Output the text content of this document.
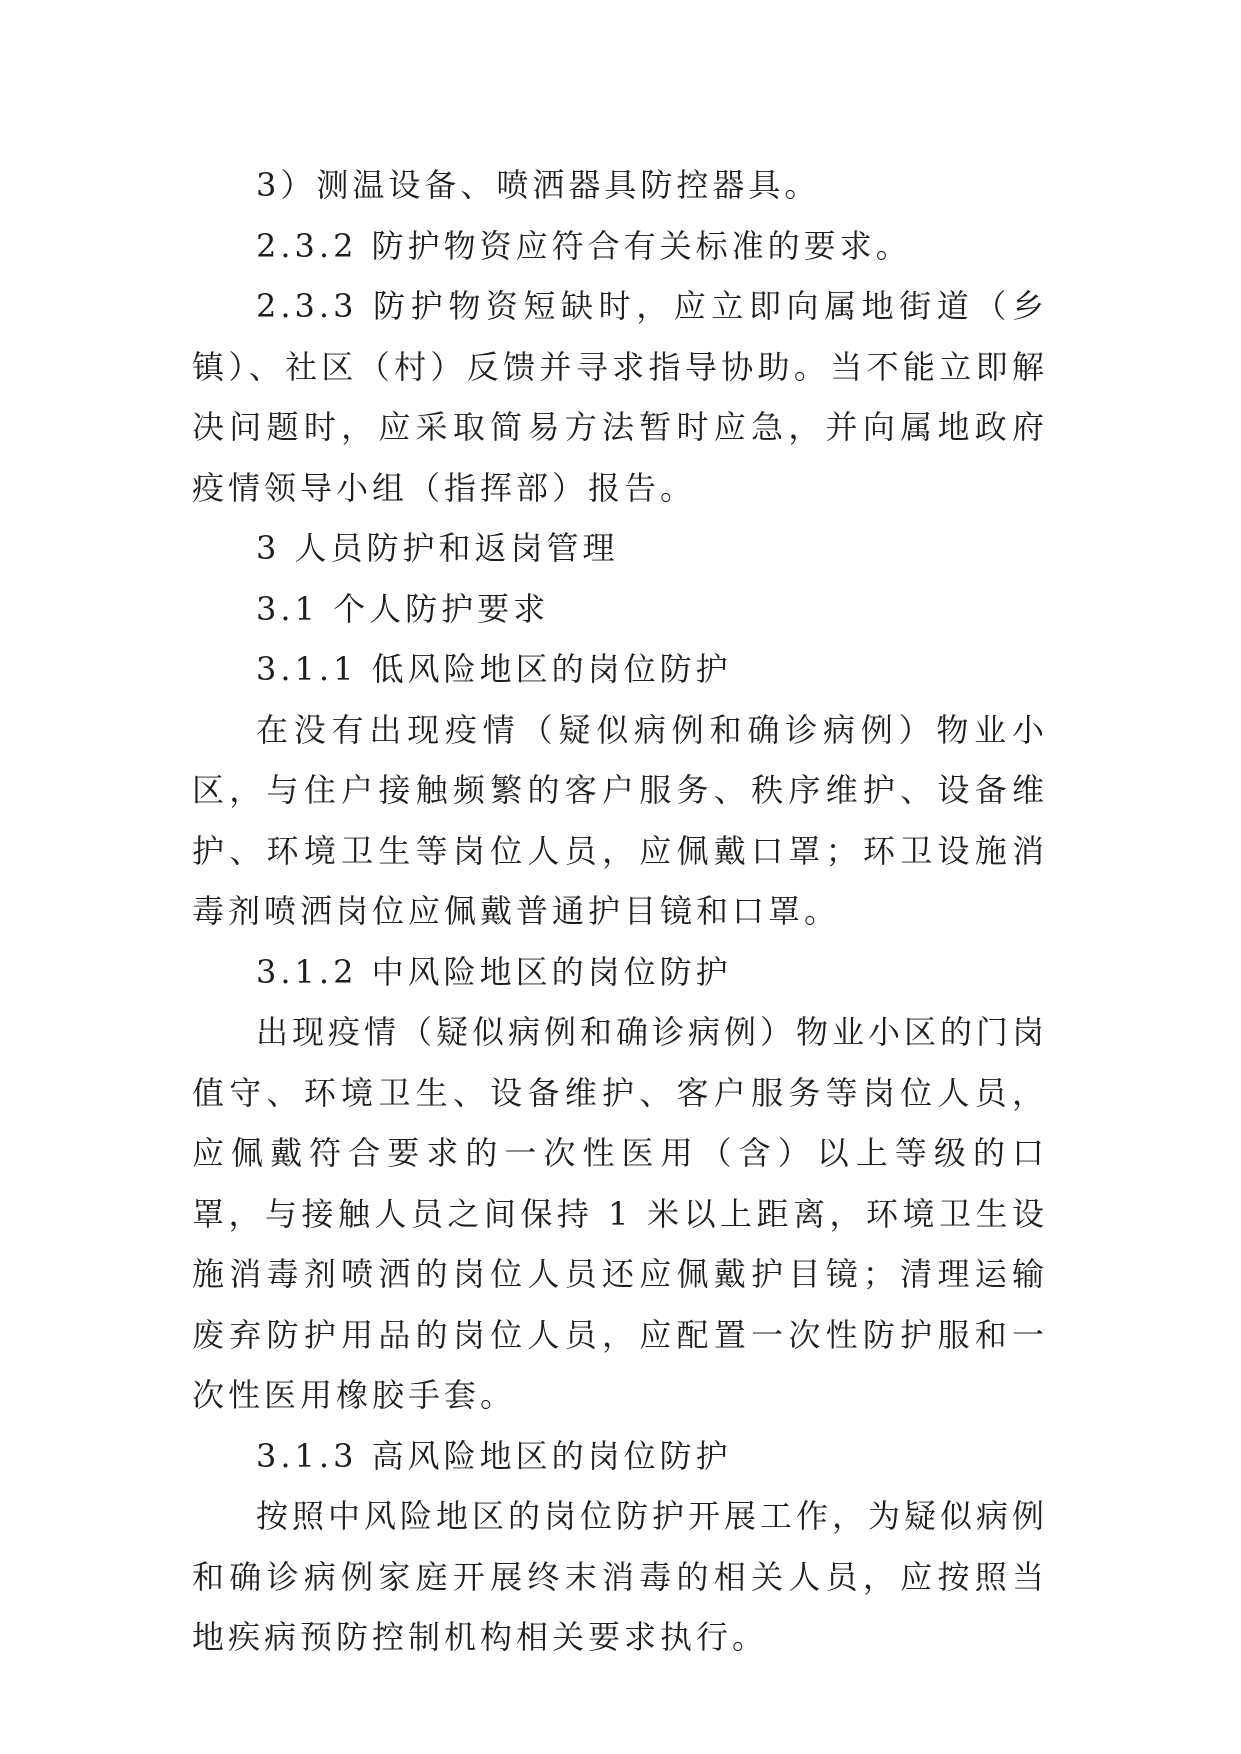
3）测温设备、喷洒器具防控器具。

2.3.2 防护物资应符合有关标准的要求。

2.3.3 防护物资短缺时，应立即向属地街道（乡镇）、社区（村）反馈并寻求指导协助。当不能立即解决问题时，应采取简易方法暂时应急，并向属地政府疫情领导小组（指挥部）报告。

3 人员防护和返岗管理

3.1 个人防护要求

3.1.1 低风险地区的岗位防护

在没有出现疫情（疑似病例和确诊病例）物业小区，与住户接触频繁的客户服务、秩序维护、设备维护、环境卫生等岗位人员，应佩戴口罩；环卫设施消毒剂喷洒岗位应佩戴普通护目镜和口罩。

3.1.2 中风险地区的岗位防护

出现疫情（疑似病例和确诊病例）物业小区的门岗值守、环境卫生、设备维护、客户服务等岗位人员，应佩戴符合要求的一次性医用（含）以上等级的口罩，与接触人员之间保持 1 米以上距离，环境卫生设施消毒剂喷洒的岗位人员还应佩戴护目镜；清理运输废弃防护用品的岗位人员，应配置一次性防护服和一次性医用橡胶手套。

3.1.3 高风险地区的岗位防护

按照中风险地区的岗位防护开展工作，为疑似病例和确诊病例家庭开展终末消毒的相关人员，应按照当地疾病预防控制机构相关要求执行。
